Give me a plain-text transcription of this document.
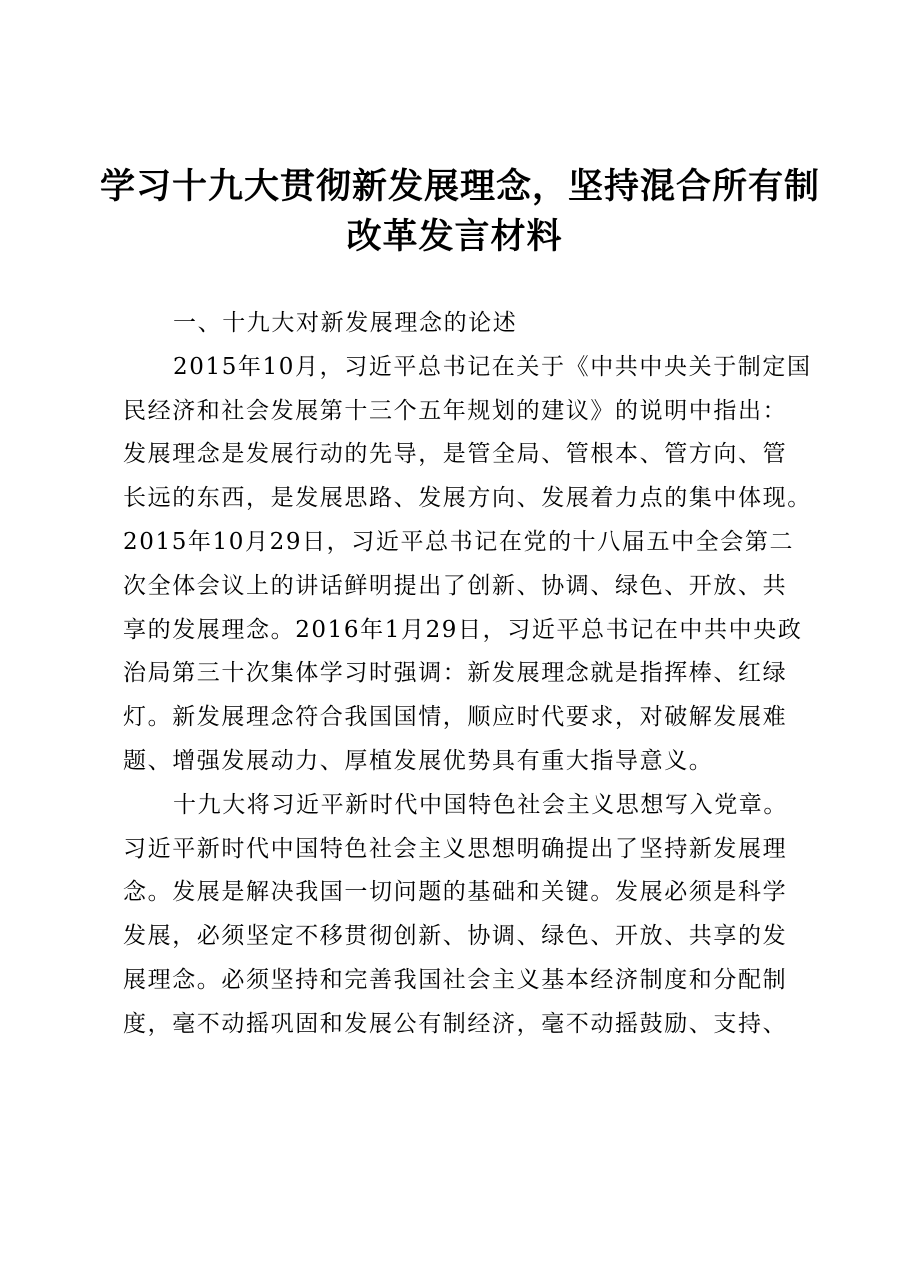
学习十九大贯彻新发展理念，坚持混合所有制
改革发言材料
一、十九大对新发展理念的论述
2015年10月，习近平总书记在关于《中共中央关于制定国
民经济和社会发展第十三个五年规划的建议》的说明中指出：
发展理念是发展行动的先导，是管全局、管根本、管方向、管
长远的东西，是发展思路、发展方向、发展着力点的集中体现。
2015年10月29日，习近平总书记在党的十八届五中全会第二
次全体会议上的讲话鲜明提出了创新、协调、绿色、开放、共
享的发展理念。2016年1月29日，习近平总书记在中共中央政
治局第三十次集体学习时强调：新发展理念就是指挥棒、红绿
灯。新发展理念符合我国国情，顺应时代要求，对破解发展难
题、增强发展动力、厚植发展优势具有重大指导意义。
十九大将习近平新时代中国特色社会主义思想写入党章。
习近平新时代中国特色社会主义思想明确提出了坚持新发展理
念。发展是解决我国一切问题的基础和关键。发展必须是科学
发展，必须坚定不移贯彻创新、协调、绿色、开放、共享的发
展理念。必须坚持和完善我国社会主义基本经济制度和分配制
度，毫不动摇巩固和发展公有制经济，毫不动摇鼓励、支持、
